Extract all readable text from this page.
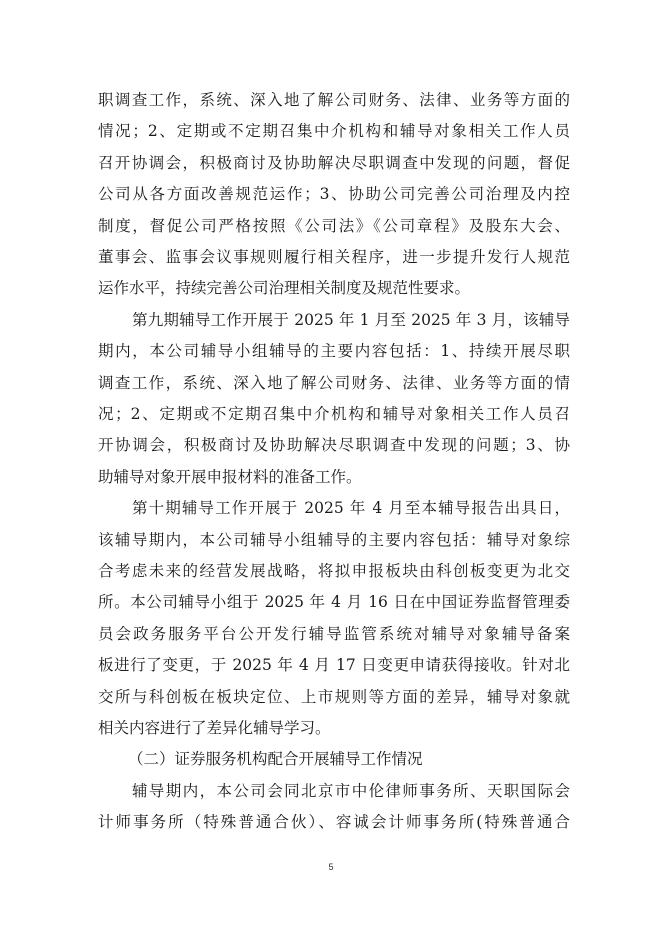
职调查工作，系统、深入地了解公司财务、法律、业务等方面的
情况；2、定期或不定期召集中介机构和辅导对象相关工作人员
召开协调会，积极商讨及协助解决尽职调查中发现的问题，督促
公司从各方面改善规范运作；3、协助公司完善公司治理及内控
制度，督促公司严格按照《公司法》《公司章程》及股东大会、
董事会、监事会议事规则履行相关程序，进一步提升发行人规范
运作水平，持续完善公司治理相关制度及规范性要求。
第九期辅导工作开展于 2025 年 1 月至 2025 年 3 月，该辅导
期内，本公司辅导小组辅导的主要内容包括：1、持续开展尽职
调查工作，系统、深入地了解公司财务、法律、业务等方面的情
况；2、定期或不定期召集中介机构和辅导对象相关工作人员召
开协调会，积极商讨及协助解决尽职调查中发现的问题；3、协
助辅导对象开展申报材料的准备工作。
第十期辅导工作开展于 2025 年 4 月至本辅导报告出具日，
该辅导期内，本公司辅导小组辅导的主要内容包括：辅导对象综
合考虑未来的经营发展战略，将拟申报板块由科创板变更为北交
所。本公司辅导小组于 2025 年 4 月 16 日在中国证券监督管理委
员会政务服务平台公开发行辅导监管系统对辅导对象辅导备案
板进行了变更，于 2025 年 4 月 17 日变更申请获得接收。针对北
交所与科创板在板块定位、上市规则等方面的差异，辅导对象就
相关内容进行了差异化辅导学习。
（二）证券服务机构配合开展辅导工作情况
辅导期内，本公司会同北京市中伦律师事务所、天职国际会
计师事务所（特殊普通合伙）、容诚会计师事务所(特殊普通合
5
